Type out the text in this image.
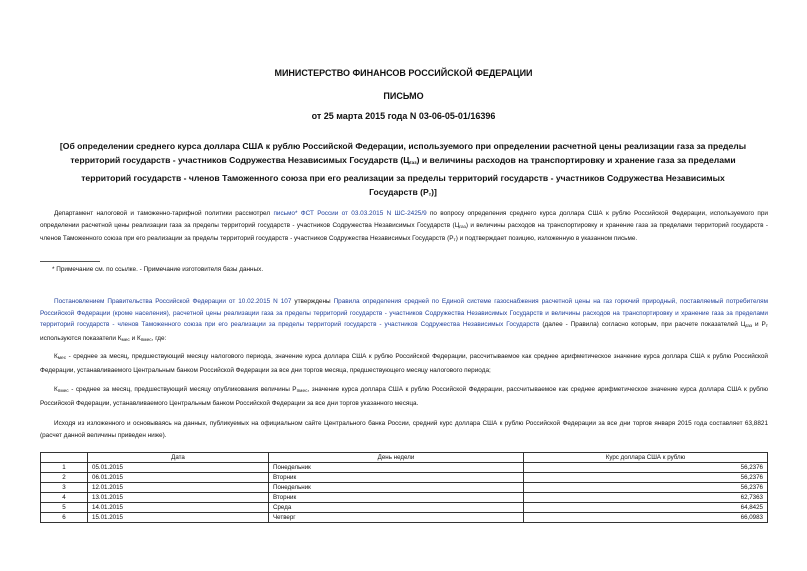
МИНИСТЕРСТВО ФИНАНСОВ РОССИЙСКОЙ ФЕДЕРАЦИИ
ПИСЬМО
от 25 марта 2015 года N 03-06-05-01/16396
[Об определении среднего курса доллара США к рублю Российской Федерации, используемого при определении расчетной цены реализации газа за пределы территорий государств - участников Содружества Независимых Государств $(Ц_{газ})$ и величины расходов на транспортировку и хранение газа за пределами территорий государств - членов Таможенного союза при его реализации за пределы территорий государств - участников Содружества Независимых Государств $(Р_т)$]
Департамент налоговой и таможенно-тарифной политики рассмотрел письмо* ФСТ России от 03.03.2015 N ШС-2425/9 по вопросу определения среднего курса доллара США к рублю Российской Федерации, используемого при определении расчетной цены реализации газа за пределы территорий государств - участников Содружества Независимых Государств $(Ц_{газ})$ и величины расходов на транспортировку и хранение газа за пределами территорий государств - членов Таможенного союза при его реализации за пределы территорий государств - участников Содружества Независимых Государств $(Р_т)$ и подтверждает позицию, изложенную в указанном письме.
* Примечание см. по ссылке. - Примечание изготовителя базы данных.
Постановлением Правительства Российской Федерации от 10.02.2015 N 107 утверждены Правила определения средней по Единой системе газоснабжения расчетной цены на газ горючий природный, поставляемый потребителям Российской Федерации (кроме населения), расчетной цены реализации газа за пределы территорий государств - участников Содружества Независимых Государств и величины расходов на транспортировку и хранение газа за пределами территорий государств - членов Таможенного союза при его реализации за пределы территорий государств - участников Содружества Независимых Государств (далее - Правила) согласно которым, при расчете показателей $Ц_{газ}$ и $Р_т$ используются показатели $К_{мес}$ и $К_{пмес}$, где:
$К_{мес}$ - среднее за месяц, предшествующий месяцу налогового периода, значение курса доллара США к рублю Российской Федерации, рассчитываемое как среднее арифметическое значение курса доллара США к рублю Российской Федерации, устанавливаемого Центральным банком Российской Федерации за все дни торгов месяца, предшествующего месяцу налогового периода;
$К_{пмес}$ - среднее за месяц, предшествующий месяцу опубликования величины $Р_{пмес}$, значение курса доллара США к рублю Российской Федерации, рассчитываемое как среднее арифметическое значение курса доллара США к рублю Российской Федерации, устанавливаемого Центральным банком Российской Федерации за все дни торгов указанного месяца.
Исходя из изложенного и основываясь на данных, публикуемых на официальном сайте Центрального банка России, средний курс доллара США к рублю Российской Федерации за все дни торгов января 2015 года составляет 63,8821 (расчет данной величины приведен ниже).
	Дата	День недели	Курс доллара США к рублю
1	05.01.2015	Понедельник	56,2376
2	06.01.2015	Вторник	56,2376
3	12.01.2015	Понедельник	56,2376
4	13.01.2015	Вторник	62,7363
5	14.01.2015	Среда	64,8425
6	15.01.2015	Четверг	66,0983
